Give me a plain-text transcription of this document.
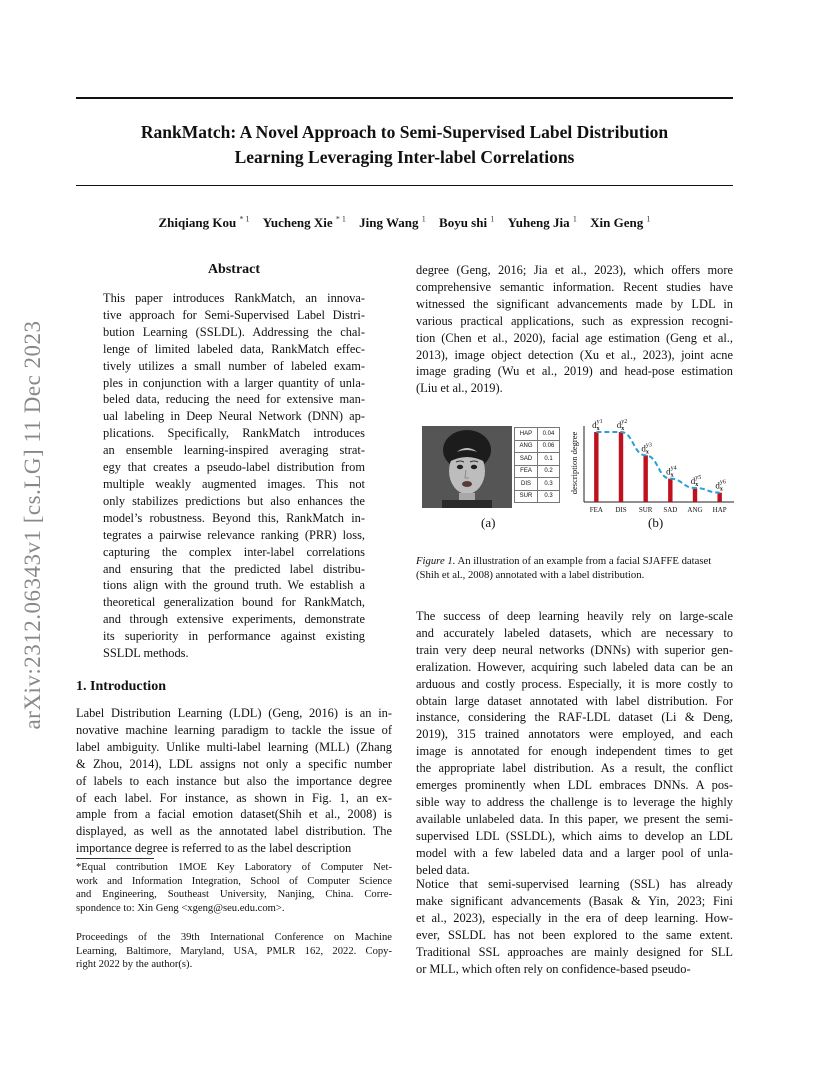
arXiv:2312.06343v1 [cs.LG] 11 Dec 2023
RankMatch: A Novel Approach to Semi-Supervised Label Distribution
Learning Leveraging Inter-label Correlations
Zhiqiang Kou $^{* 1}$ Yucheng Xie $^{* 1}$ Jing Wang $^1$ Boyu shi $^1$ Yuheng Jia $^1$ Xin Geng $^1$
Abstract
This paper introduces RankMatch, an innova-
tive approach for Semi-Supervised Label Distri-
bution Learning (SSLDL). Addressing the chal-
lenge of limited labeled data, RankMatch effec-
tively utilizes a small number of labeled exam-
ples in conjunction with a larger quantity of unla-
beled data, reducing the need for extensive man-
ual labeling in Deep Neural Network (DNN) ap-
plications. Specifically, RankMatch introduces
an ensemble learning-inspired averaging strat-
egy that creates a pseudo-label distribution from
multiple weakly augmented images. This not
only stabilizes predictions but also enhances the
model’s robustness. Beyond this, RankMatch in-
tegrates a pairwise relevance ranking (PRR) loss,
capturing the complex inter-label correlations
and ensuring that the predicted label distribu-
tions align with the ground truth. We establish a
theoretical generalization bound for RankMatch,
and through extensive experiments, demonstrate
its superiority in performance against existing
SSLDL methods.
1. Introduction
Label Distribution Learning (LDL) (Geng, 2016) is an in-
novative machine learning paradigm to tackle the issue of
label ambiguity. Unlike multi-label learning (MLL) (Zhang
& Zhou, 2014), LDL assigns not only a specific number
of labels to each instance but also the importance degree
of each label. For instance, as shown in Fig. 1, an ex-
ample from a facial emotion dataset(Shih et al., 2008) is
displayed, as well as the annotated label distribution. The
importance degree is referred to as the label description
*Equal contribution 1MOE Key Laboratory of Computer Net-
work and Information Integration, School of Computer Science
and Engineering, Southeast University, Nanjing, China. Corre-
spondence to: Xin Geng <xgeng@seu.edu.com>.
Proceedings of the 39th International Conference on Machine
Learning, Baltimore, Maryland, USA, PMLR 162, 2022. Copy-
right 2022 by the author(s).
degree (Geng, 2016; Jia et al., 2023), which offers more
comprehensive semantic information. Recent studies have
witnessed the significant advancements made by LDL in
various practical applications, such as expression recogni-
tion (Chen et al., 2020), facial age estimation (Geng et al.,
2013), image object detection (Xu et al., 2023), joint acne
image grading (Wu et al., 2019) and head-pose estimation
(Liu et al., 2019).
HAP	0.04
ANG	0.06
SAD	0.1
FEA	0.2
DIS	0.3
SUR	0.3
(a)	(b)
description degree
FEA
$d_xy1$
DIS
$d_xy2$
SUR
$d_xy3$
SAD
$d_xy4$
ANG
$d_xy5$
HAP
$d_xy6$
Figure 1. An illustration of an example from a facial SJAFFE dataset (Shih et al., 2008) annotated with a label distribution.
The success of deep learning heavily rely on large-scale
and accurately labeled datasets, which are necessary to
train very deep neural networks (DNNs) with superior gen-
eralization. However, acquiring such labeled data can be an
arduous and costly process. Especially, it is more costly to
obtain large dataset annotated with label distribution. For
instance, considering the RAF-LDL dataset (Li & Deng,
2019), 315 trained annotators were employed, and each
image is annotated for enough independent times to get
the appropriate label distribution. As a result, the conflict
emerges prominently when LDL embraces DNNs. A pos-
sible way to address the challenge is to leverage the highly
available unlabeled data. In this paper, we present the semi-
supervised LDL (SSLDL), which aims to develop an LDL
model with a few labeled data and a larger pool of unla-
beled data.
Notice that semi-supervised learning (SSL) has already
make significant advancements (Basak & Yin, 2023; Fini
et al., 2023), especially in the era of deep learning. How-
ever, SSLDL has not been explored to the same extent.
Traditional SSL approaches are mainly designed for SLL
or MLL, which often rely on confidence-based pseudo-
